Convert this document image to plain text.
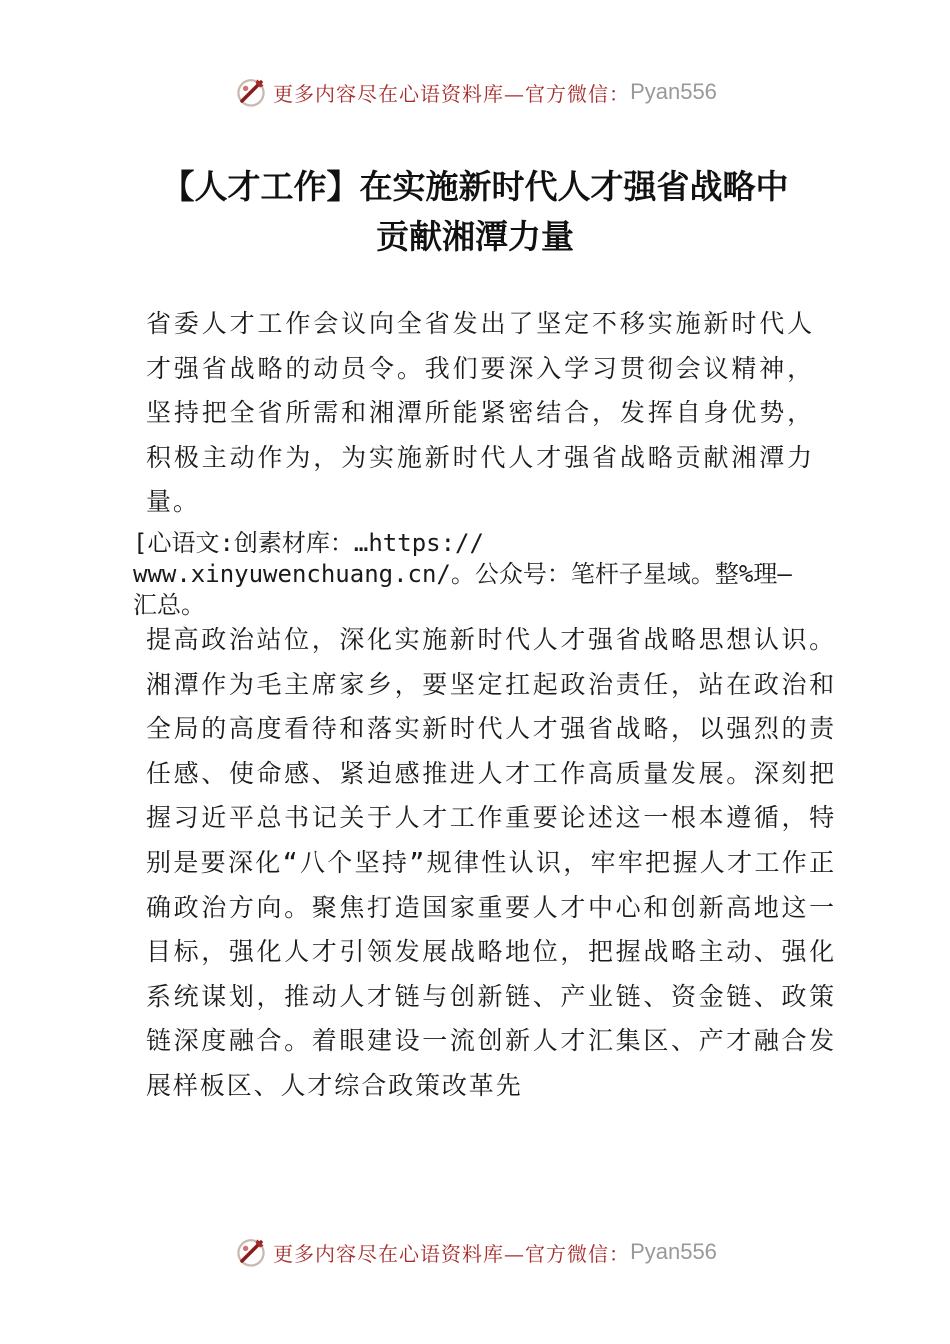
更多内容尽在心语资料库—官方微信： Pyan556
【人才工作】在实施新时代人才强省战略中
贡献湘潭力量
省委人才工作会议向全省发出了坚定不移实施新时代人才强省战略的动员令。我们要深入学习贯彻会议精神，坚持把全省所需和湘潭所能紧密结合，发挥自身优势，积极主动作为，为实施新时代人才强省战略贡献湘潭力量。
[心语文:创素材库：…https://
www.xinyuwenchuang.cn/。公众号：笔杆子星域。整%理—
汇总。
提高政治站位，深化实施新时代人才强省战略思想认识。湘潭作为毛主席家乡，要坚定扛起政治责任，站在政治和全局的高度看待和落实新时代人才强省战略，以强烈的责任感、使命感、紧迫感推进人才工作高质量发展。深刻把握习近平总书记关于人才工作重要论述这一根本遵循，特别是要深化“八个坚持”规律性认识，牢牢把握人才工作正确政治方向。聚焦打造国家重要人才中心和创新高地这一目标，强化人才引领发展战略地位，把握战略主动、强化系统谋划，推动人才链与创新链、产业链、资金链、政策链深度融合。着眼建设一流创新人才汇集区、产才融合发展样板区、人才综合政策改革先
更多内容尽在心语资料库—官方微信： Pyan556
